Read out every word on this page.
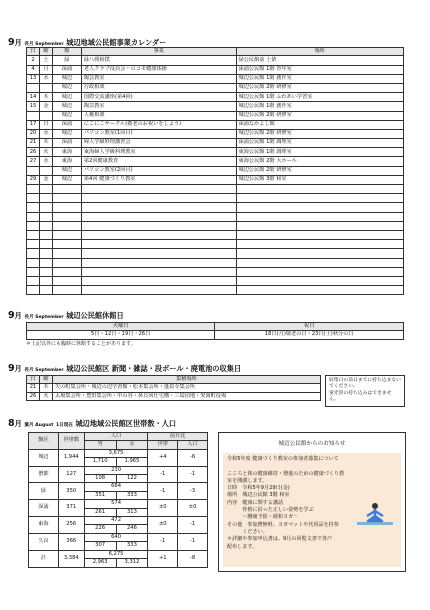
9月 長月 September 城辺地域公民館事業カレンダー
日	曜	館	事業	場所
2	土	緑	緑八朔相撲	緑公民館前 土俵
4	月	深浦	老人クラブ役員会・ロコモ健康体操	深浦公民館 1階 青年室
13	水	城辺	陶芸教室	城辺公民館 1階 創作室
		城辺	行政相談	城辺公民館 2階 研修室
14	木	城辺	国際交流講座(第4回)	城辺公民館 1階 ふれあい学習室
15	金	城辺	陶芸教室	城辺公民館 1階 創作室
		城辺	人権相談	城辺公民館 2階 研修室
17	日	深浦	にこにこサークル(敬老のお祝いをしよう)	深浦なかよし館
20	水	城辺	パソコン教室(1回目)	城辺公民館 2階 研修室
21	木	深浦	婦人学級料理講習会	深浦公民館 1階 調理室
26	火	東海	東海婦人学級料理教室	東海公民館 1階 調理室
27	水	東海	第2回健康教育	東海公民館 2階 大ホール
		城辺	パソコン教室(2回目)	城辺公民館 2階 研修室
29	金	城辺	第4回 健康づくり教室	城辺公民館 3階 和室

9月 長月 September 城辺公民館休館日
火曜日	祝日
5日・12日・19日・26日	18日(月)敬老の日・23日(土)秋分の日
＊上記以外にも臨時に休館することがあります。
9月 長月 September 城辺公民館区 新聞・雑誌・段ボール・廃電池の収集日
日	曜	集積場所
21	木	矢の町集会所・城辺の辺学習館・松本集会所・蓬泉寺集会所
26	火	太場集会所・豊田集会所・中の谷・鼻貝回仕宅構・三島団地・愛南町役場
収集日の前日までに持ち込まないでください。
蛍光管の持ち込みはできません。
8月 葉月 August 1日現在 城辺地域公民館区世帯数・人口
館区	世帯数	人口		前月比	
		男	女	世帯	人口
城辺	1,944	3,675		+4	-6
		1,710	1,965		
僧都	127	230		-1	-1
		108	122		
緑	350	684		-1	-3
		351	333		
深浦	371	574		±0	±0
		261	313		
東海	256	472		±0	-1
		226	246		
久良	366	640		-1	-1
		307	333		
計	3,384	6,275		+1	-8
		2,963	3,312		
城辺公民館からのお知らせ
令和5年度 健康づくり教室の参加者募集について

こころと体の健康維持・増進のための健康づくり教
室を開講します。
日時　令和5年9月29日(金)
場所　城辺公民館 3階 和室
内容　健康に関する講話
　　　骨格に沿った正しい姿勢を学ぶ
　　　～腰痛予防・緩和ヨガ～
その他　参加費無料。ヨガマットや代用品を持参
　　　ください。
＊詳細や参加申込書は、9月の回覧文書で各戸
配布します。
